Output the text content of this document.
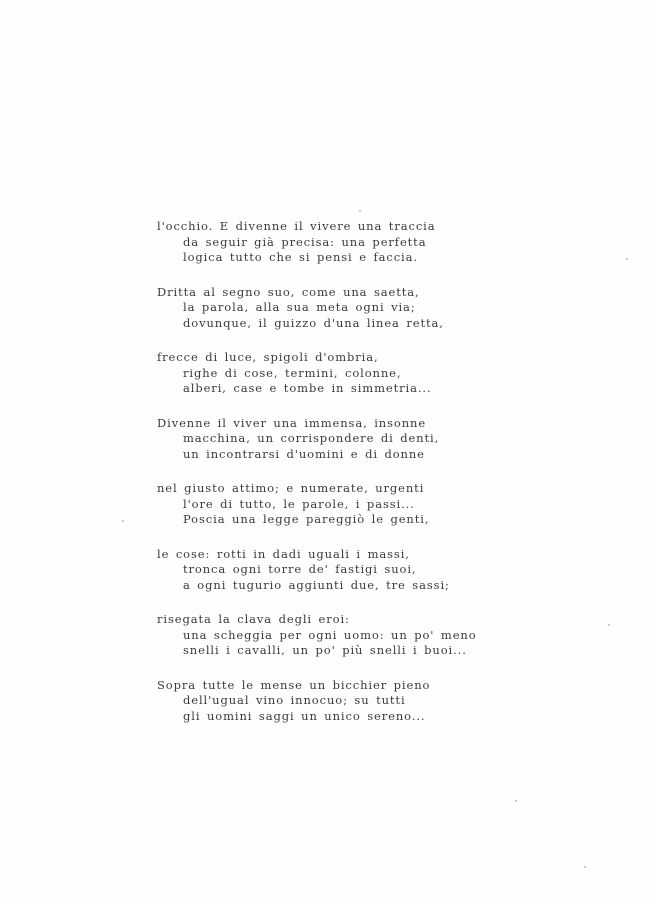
l'occhio. E divenne il vivere una traccia
da seguir già precisa: una perfetta
logica tutto che si pensi e faccia.
Dritta al segno suo, come una saetta,
la parola, alla sua meta ogni via;
dovunque, il guizzo d'una linea retta,
frecce di luce, spigoli d'ombria,
righe di cose, termini, colonne,
alberi, case e tombe in simmetria...
Divenne il viver una immensa, insonne
macchina, un corrispondere di denti,
un incontrarsi d'uomini e di donne
nel giusto attimo; e numerate, urgenti
l'ore di tutto, le parole, i passi...
Poscia una legge pareggiò le genti,
le cose: rotti in dadi uguali i massi,
tronca ogni torre de' fastigi suoi,
a ogni tugurio aggiunti due, tre sassi;
risegata la clava degli eroi:
una scheggia per ogni uomo: un po' meno
snelli i cavalli, un po' più snelli i buoi...
Sopra tutte le mense un bicchier pieno
dell'ugual vino innocuo; su tutti
gli uomini saggi un unico sereno...
